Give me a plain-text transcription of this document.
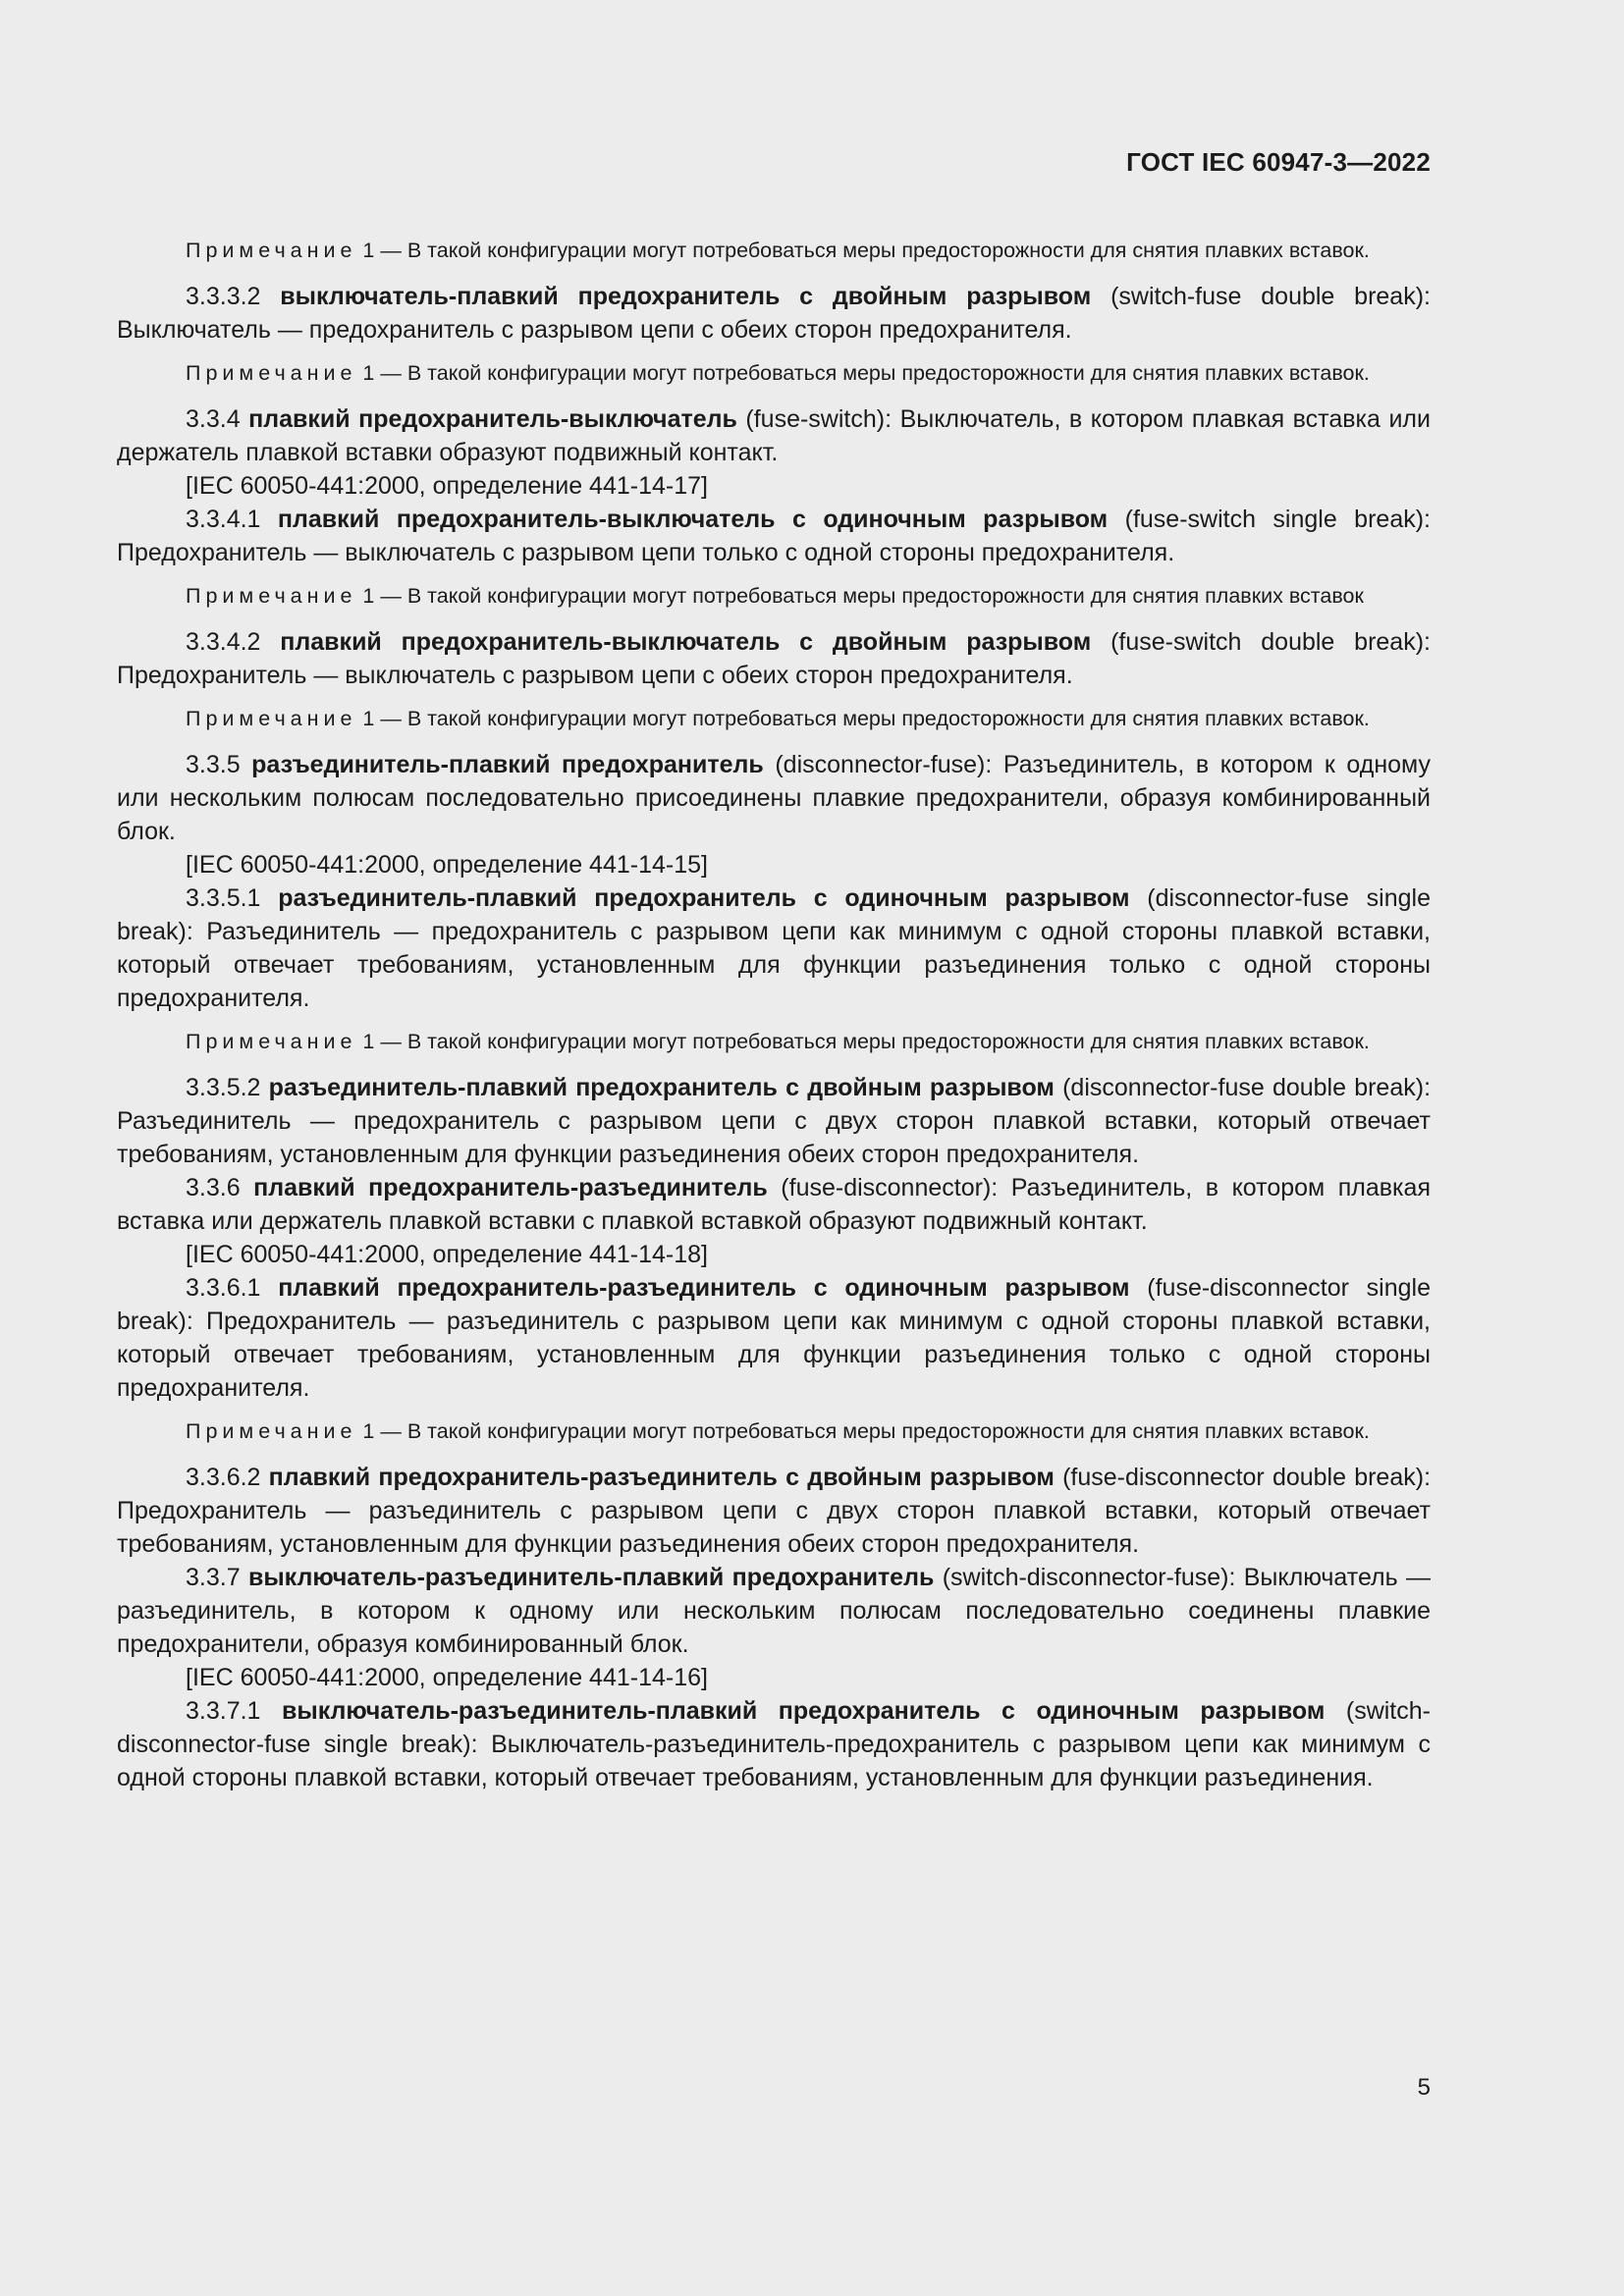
ГОСТ IEC 60947-3—2022

Примечание 1 — В такой конфигурации могут потребоваться меры предосторожности для снятия плавких вставок.

3.3.3.2 выключатель-плавкий предохранитель с двойным разрывом (switch-fuse double break): Выключатель — предохранитель с разрывом цепи с обеих сторон предохранителя.

Примечание 1 — В такой конфигурации могут потребоваться меры предосторожности для снятия плавких вставок.

3.3.4 плавкий предохранитель-выключатель (fuse-switch): Выключатель, в котором плавкая вставка или держатель плавкой вставки образуют подвижный контакт.

[IEC 60050-441:2000, определение 441-14-17]

3.3.4.1 плавкий предохранитель-выключатель с одиночным разрывом (fuse-switch single break): Предохранитель — выключатель с разрывом цепи только с одной стороны предохранителя.

Примечание 1 — В такой конфигурации могут потребоваться меры предосторожности для снятия плавких вставок

3.3.4.2 плавкий предохранитель-выключатель с двойным разрывом (fuse-switch double break): Предохранитель — выключатель с разрывом цепи с обеих сторон предохранителя.

Примечание 1 — В такой конфигурации могут потребоваться меры предосторожности для снятия плавких вставок.

3.3.5 разъединитель-плавкий предохранитель (disconnector-fuse): Разъединитель, в котором к одному или нескольким полюсам последовательно присоединены плавкие предохранители, образуя комбинированный блок.

[IEC 60050-441:2000, определение 441-14-15]

3.3.5.1 разъединитель-плавкий предохранитель с одиночным разрывом (disconnector-fuse single break): Разъединитель — предохранитель с разрывом цепи как минимум с одной стороны плавкой вставки, который отвечает требованиям, установленным для функции разъединения только с одной стороны предохранителя.

Примечание 1 — В такой конфигурации могут потребоваться меры предосторожности для снятия плавких вставок.

3.3.5.2 разъединитель-плавкий предохранитель с двойным разрывом (disconnector-fuse double break): Разъединитель — предохранитель с разрывом цепи с двух сторон плавкой вставки, который отвечает требованиям, установленным для функции разъединения обеих сторон предохранителя.

3.3.6 плавкий предохранитель-разъединитель (fuse-disconnector): Разъединитель, в котором плавкая вставка или держатель плавкой вставки с плавкой вставкой образуют подвижный контакт.

[IEC 60050-441:2000, определение 441-14-18]

3.3.6.1 плавкий предохранитель-разъединитель с одиночным разрывом (fuse-disconnector single break): Предохранитель — разъединитель с разрывом цепи как минимум с одной стороны плавкой вставки, который отвечает требованиям, установленным для функции разъединения только с одной стороны предохранителя.

Примечание 1 — В такой конфигурации могут потребоваться меры предосторожности для снятия плавких вставок.

3.3.6.2 плавкий предохранитель-разъединитель с двойным разрывом (fuse-disconnector double break): Предохранитель — разъединитель с разрывом цепи с двух сторон плавкой вставки, который отвечает требованиям, установленным для функции разъединения обеих сторон предохранителя.

3.3.7 выключатель-разъединитель-плавкий предохранитель (switch-disconnector-fuse): Выключатель — разъединитель, в котором к одному или нескольким полюсам последовательно соединены плавкие предохранители, образуя комбинированный блок.

[IEC 60050-441:2000, определение 441-14-16]

3.3.7.1 выключатель-разъединитель-плавкий предохранитель с одиночным разрывом (switch-disconnector-fuse single break): Выключатель-разъединитель-предохранитель с разрывом цепи как минимум с одной стороны плавкой вставки, который отвечает требованиям, установленным для функции разъединения.

5
